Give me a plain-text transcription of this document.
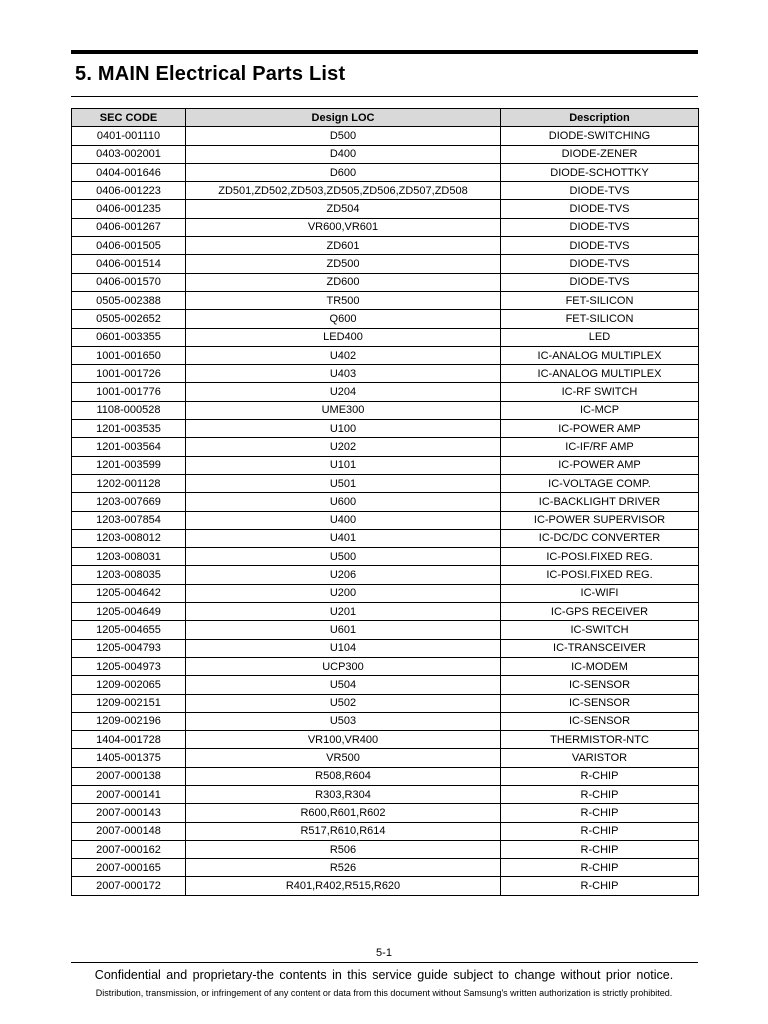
5. MAIN Electrical Parts List
SEC CODE	Design LOC	Description
0401-001110	D500	DIODE-SWITCHING
0403-002001	D400	DIODE-ZENER
0404-001646	D600	DIODE-SCHOTTKY
0406-001223	ZD501,ZD502,ZD503,ZD505,ZD506,ZD507,ZD508	DIODE-TVS
0406-001235	ZD504	DIODE-TVS
0406-001267	VR600,VR601	DIODE-TVS
0406-001505	ZD601	DIODE-TVS
0406-001514	ZD500	DIODE-TVS
0406-001570	ZD600	DIODE-TVS
0505-002388	TR500	FET-SILICON
0505-002652	Q600	FET-SILICON
0601-003355	LED400	LED
1001-001650	U402	IC-ANALOG MULTIPLEX
1001-001726	U403	IC-ANALOG MULTIPLEX
1001-001776	U204	IC-RF SWITCH
1108-000528	UME300	IC-MCP
1201-003535	U100	IC-POWER AMP
1201-003564	U202	IC-IF/RF AMP
1201-003599	U101	IC-POWER AMP
1202-001128	U501	IC-VOLTAGE COMP.
1203-007669	U600	IC-BACKLIGHT DRIVER
1203-007854	U400	IC-POWER SUPERVISOR
1203-008012	U401	IC-DC/DC CONVERTER
1203-008031	U500	IC-POSI.FIXED REG.
1203-008035	U206	IC-POSI.FIXED REG.
1205-004642	U200	IC-WIFI
1205-004649	U201	IC-GPS RECEIVER
1205-004655	U601	IC-SWITCH
1205-004793	U104	IC-TRANSCEIVER
1205-004973	UCP300	IC-MODEM
1209-002065	U504	IC-SENSOR
1209-002151	U502	IC-SENSOR
1209-002196	U503	IC-SENSOR
1404-001728	VR100,VR400	THERMISTOR-NTC
1405-001375	VR500	VARISTOR
2007-000138	R508,R604	R-CHIP
2007-000141	R303,R304	R-CHIP
2007-000143	R600,R601,R602	R-CHIP
2007-000148	R517,R610,R614	R-CHIP
2007-000162	R506	R-CHIP
2007-000165	R526	R-CHIP
2007-000172	R401,R402,R515,R620	R-CHIP
5-1
Confidential and proprietary-the contents in this service guide subject to change without prior notice.
Distribution, transmission, or infringement of any content or data from this document without Samsung's written authorization is strictly prohibited.
